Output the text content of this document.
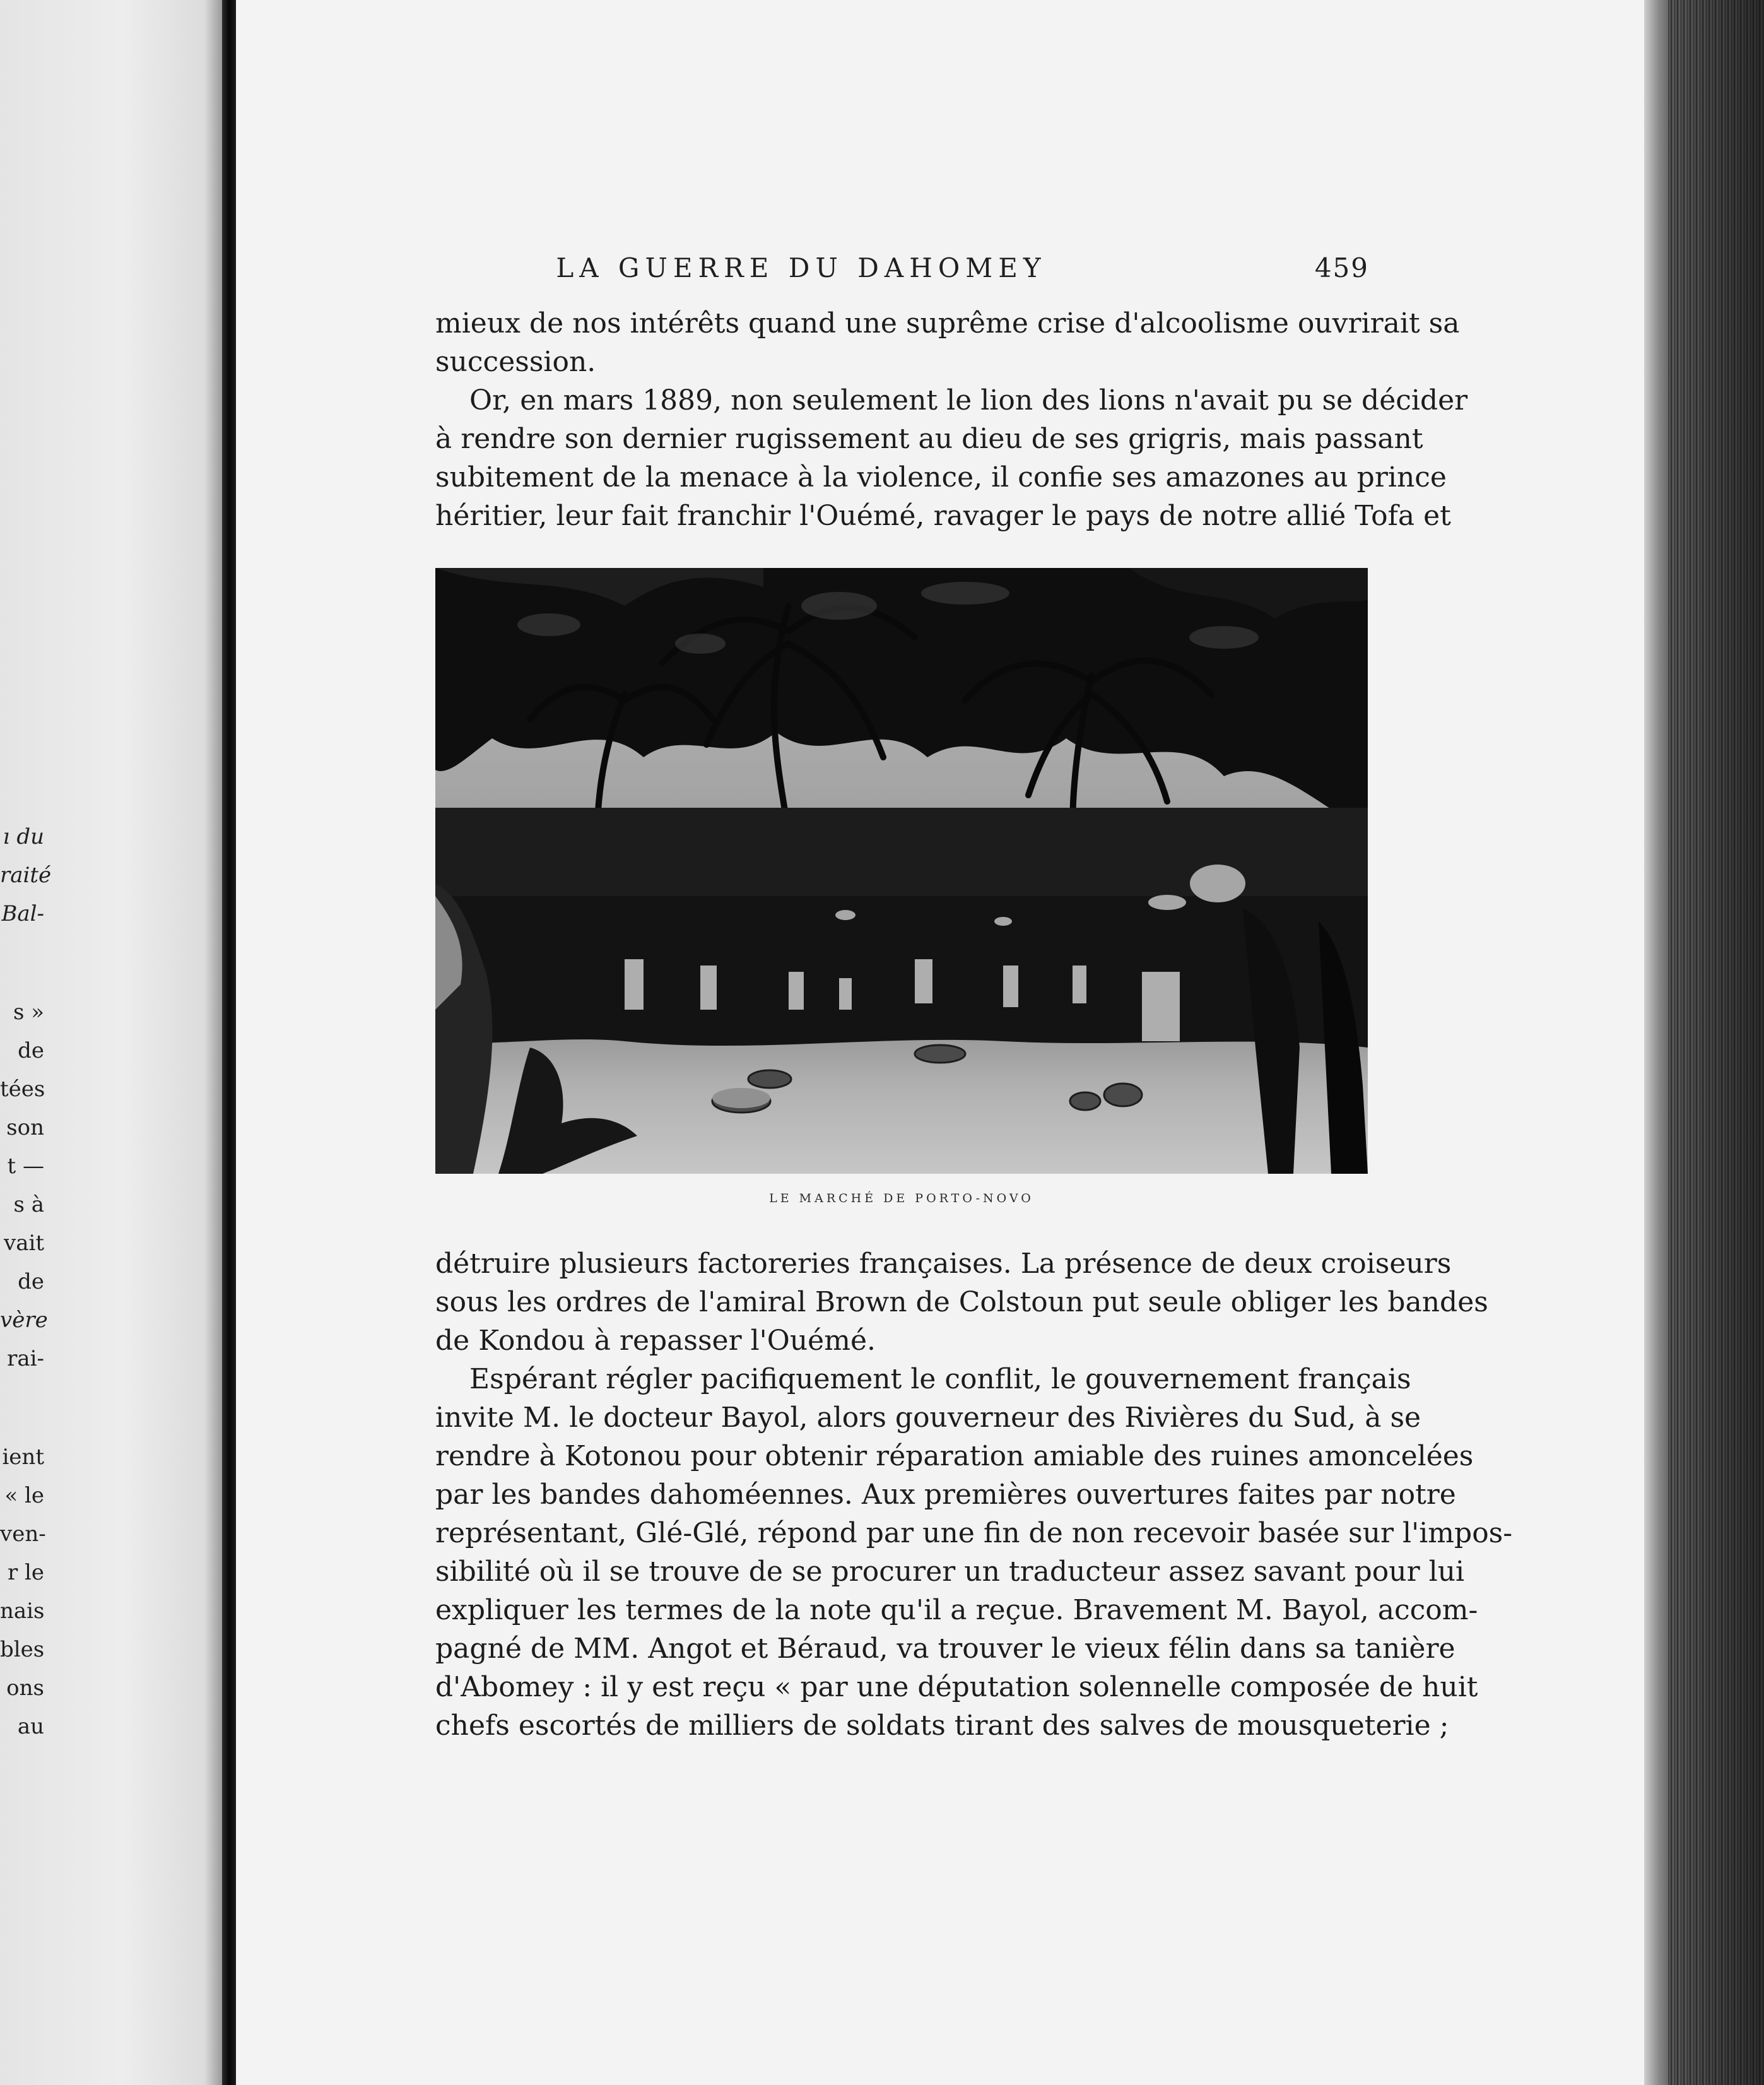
ı du
raité
Bal-
s »
de
tées
son
t —
s à
vait
de
vère
rai-
ient
« le
ven-
r le
nais
bles
ons
au
LA GUERRE DU DAHOMEY	459
mieux de nos intérêts quand une suprême crise d'alcoolisme ouvrirait sa
succession.
Or, en mars 1889, non seulement le lion des lions n'avait pu se décider
à rendre son dernier rugissement au dieu de ses grigris, mais passant
subitement de la menace à la violence, il confie ses amazones au prince
héritier, leur fait franchir l'Ouémé, ravager le pays de notre allié Tofa et

LE MARCHÉ DE PORTO-NOVO

détruire plusieurs factoreries françaises. La présence de deux croiseurs
sous les ordres de l'amiral Brown de Colstoun put seule obliger les bandes
de Kondou à repasser l'Ouémé.
Espérant régler pacifiquement le conflit, le gouvernement français
invite M. le docteur Bayol, alors gouverneur des Rivières du Sud, à se
rendre à Kotonou pour obtenir réparation amiable des ruines amoncelées
par les bandes dahoméennes. Aux premières ouvertures faites par notre
représentant, Glé-Glé, répond par une fin de non recevoir basée sur l'impos-
sibilité où il se trouve de se procurer un traducteur assez savant pour lui
expliquer les termes de la note qu'il a reçue. Bravement M. Bayol, accom-
pagné de MM. Angot et Béraud, va trouver le vieux félin dans sa tanière
d'Abomey : il y est reçu « par une députation solennelle composée de huit
chefs escortés de milliers de soldats tirant des salves de mousqueterie ;
